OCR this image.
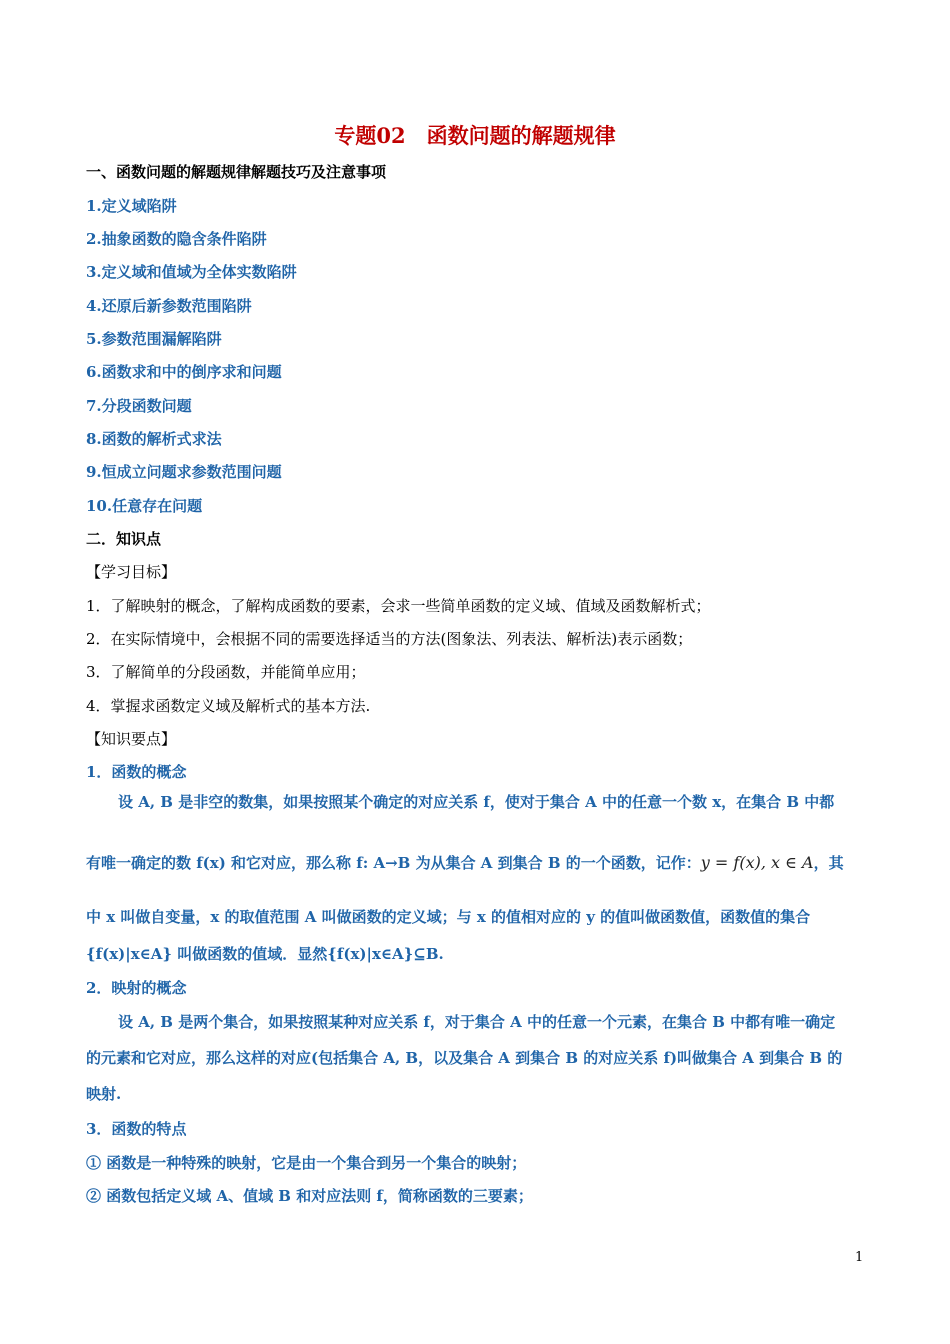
专题02　函数问题的解题规律
一、函数问题的解题规律解题技巧及注意事项
1.定义域陷阱
2.抽象函数的隐含条件陷阱
3.定义域和值域为全体实数陷阱
4.还原后新参数范围陷阱
5.参数范围漏解陷阱
6.函数求和中的倒序求和问题
7.分段函数问题
8.函数的解析式求法
9.恒成立问题求参数范围问题
10.任意存在问题
二．知识点
【学习目标】
1．了解映射的概念，了解构成函数的要素，会求一些简单函数的定义域、值域及函数解析式；
2．在实际情境中，会根据不同的需要选择适当的方法(图象法、列表法、解析法)表示函数；
3．了解简单的分段函数，并能简单应用；
4．掌握求函数定义域及解析式的基本方法.
【知识要点】
1．函数的概念
设 A, B 是非空的数集，如果按照某个确定的对应关系 f，使对于集合 A 中的任意一个数 x，在集合 B 中都
有唯一确定的数 f(x) 和它对应，那么称 f: A→B 为从集合 A 到集合 B 的一个函数，记作：y = f(x), x ∈ A，其
中 x 叫做自变量，x 的取值范围 A 叫做函数的定义域；与 x 的值相对应的 y 的值叫做函数值，函数值的集合
{f(x)|x∈A} 叫做函数的值域．显然{f(x)|x∈A}⊆B.
2．映射的概念
设 A, B 是两个集合，如果按照某种对应关系 f，对于集合 A 中的任意一个元素，在集合 B 中都有唯一确定
的元素和它对应，那么这样的对应(包括集合 A, B，以及集合 A 到集合 B 的对应关系 f)叫做集合 A 到集合 B 的
映射.
3．函数的特点
① 函数是一种特殊的映射，它是由一个集合到另一个集合的映射；
② 函数包括定义域 A、值域 B 和对应法则 f，简称函数的三要素；
1
